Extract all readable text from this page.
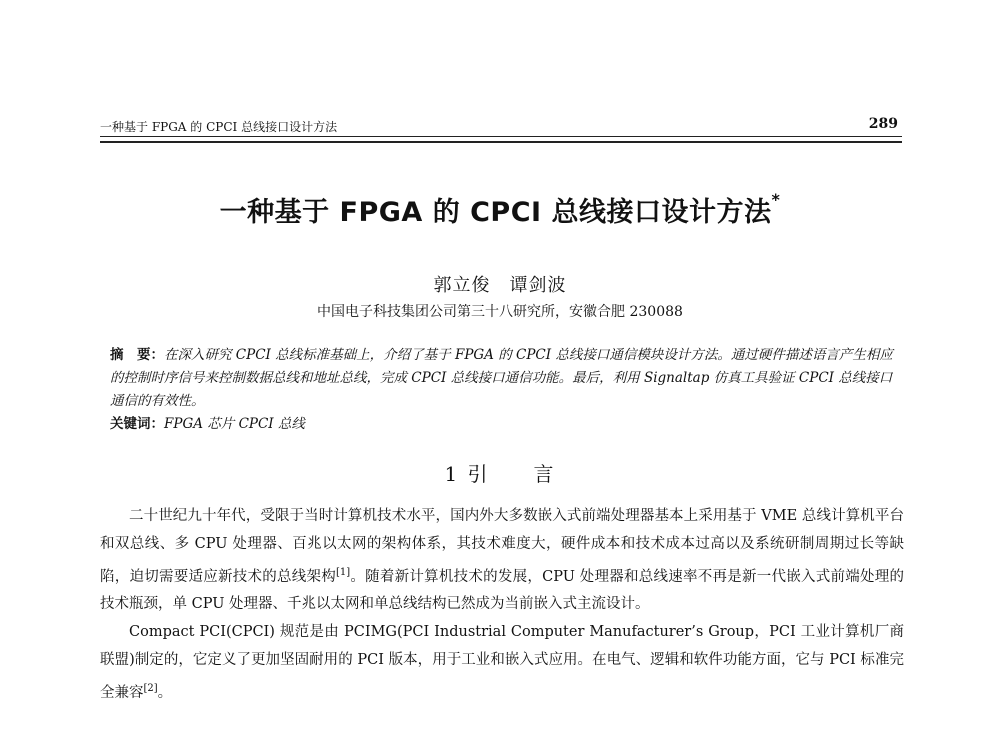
一种基于 FPGA 的 CPCI 总线接口设计方法	289
一种基于 FPGA 的 CPCI 总线接口设计方法*
郭立俊　谭剑波
中国电子科技集团公司第三十八研究所，安徽合肥 230088

摘　要：在深入研究 CPCI 总线标准基础上，介绍了基于 FPGA 的 CPCI 总线接口通信模块设计方法。通过硬件描述语言产生相应的控制时序信号来控制数据总线和地址总线，完成 CPCI 总线接口通信功能。最后，利用 Signaltap 仿真工具验证 CPCI 总线接口通信的有效性。

关键词：FPGA 芯片 CPCI 总线

1 引　　言

二十世纪九十年代，受限于当时计算机技术水平，国内外大多数嵌入式前端处理器基本上采用基于 VME 总线计算机平台和双总线、多 CPU 处理器、百兆以太网的架构体系，其技术难度大，硬件成本和技术成本过高以及系统研制周期过长等缺陷，迫切需要适应新技术的总线架构[1]。随着新计算机技术的发展，CPU 处理器和总线速率不再是新一代嵌入式前端处理的技术瓶颈，单 CPU 处理器、千兆以太网和单总线结构已然成为当前嵌入式主流设计。

Compact PCI(CPCI) 规范是由 PCIMG(PCI Industrial Computer Manufacturer’s Group，PCI 工业计算机厂商联盟)制定的，它定义了更加坚固耐用的 PCI 版本，用于工业和嵌入式应用。在电气、逻辑和软件功能方面，它与 PCI 标准完全兼容[2]。
